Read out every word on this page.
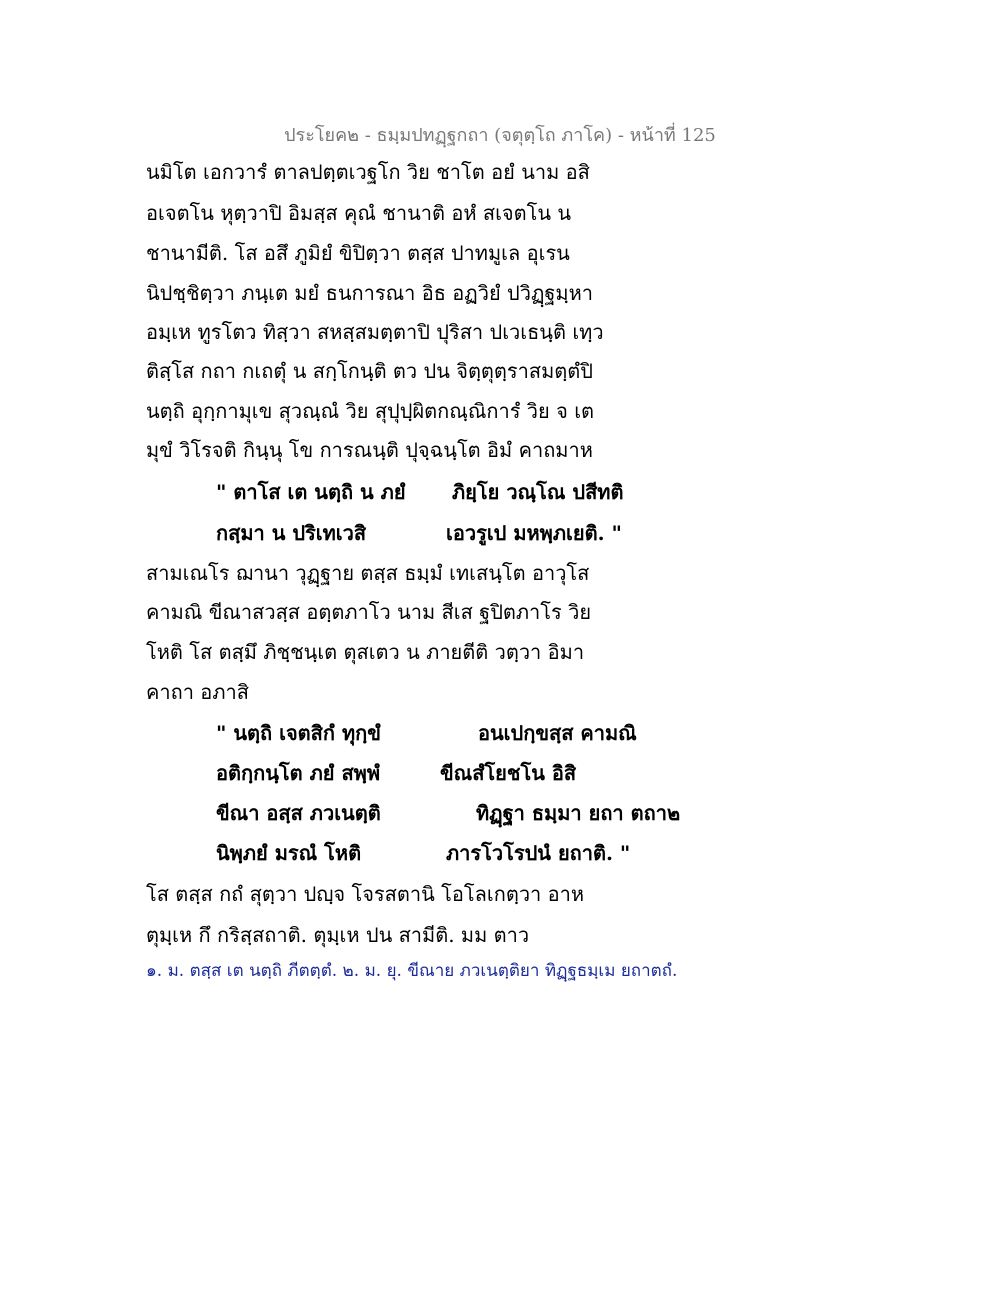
ประโยค๒ - ธมฺมปทฏฺฐกถา (จตุตฺโถ ภาโค) - หน้าที่ 125
นมิโต เอกวารํ ตาลปตฺตเวฐโก วิย ชาโต อยํ นาม อสิ
อเจตโน หุตฺวาปิ อิมสฺส คุณํ ชานาติ อหํ สเจตโน น
ชานามีติ. โส อสึ ภูมิยํ ขิปิตฺวา ตสฺส ปาทมูเล อุเรน
นิปชฺชิตฺวา ภนฺเต มยํ ธนการณา อิธ อฏวิยํ ปวิฏฺฐมฺหา
อมฺเห ทูรโตว ทิสฺวา สหสฺสมตฺตาปิ ปุริสา ปเวเธนฺติ เทฺว
ติสฺโส กถา กเถตุํ น สกฺโกนฺติ ตว ปน จิตฺตุตฺราสมตฺตํปิ
นตฺถิ อุกฺกามุเข สุวณฺณํ วิย สุปุปฺผิตกณฺณิการํ วิย จ เต
มุขํ วิโรจติ กินฺนุ โข การณนฺติ ปุจฺฉนฺโต อิมํ คาถมาห
" ตาโส เต นตฺถิ น ภยํ ภิยฺโย วณฺโณ ปสีทติ
กสฺมา น ปริเทเวสิ	เอวรูเป มหพฺภเยติ. "
สามเณโร ฌานา วุฏฺฐาย ตสฺส ธมฺมํ เทเสนฺโต อาวุโส
คามณิ ขีณาสวสฺส อตฺตภาโว นาม สีเส ฐปิตภาโร วิย
โหติ โส ตสฺมึ ภิชฺชนฺเต ตุสเตว น ภายตีติ วตฺวา อิมา
คาถา อภาสิ
" นตฺถิ เจตสิกํ ทุกฺขํ	อนเปกฺขสฺส คามณิ
อติกฺกนฺโต ภยํ สพฺพํ	ขีณสํโยชโน อิสิ
ขีณา อสฺส ภวเนตฺติ	ทิฏฺฐา ธมฺมา ยถา ตถา๒
นิพฺภยํ มรณํ โหติ	ภารโวโรปนํ ยถาติ. "
โส ตสฺส กถํ สุตฺวา ปญฺจ โจรสตานิ โอโลเกตฺวา อาห
ตุมฺเห กึ กริสฺสถาติ. ตุมฺเห ปน สามีติ. มม ตาว
๑. ม. ตสฺส เต นตฺถิ ภีตตฺตํ. ๒. ม. ยุ. ขีณาย ภวเนตฺติยา ทิฏฺฐธมฺเม ยถาตถํ.
